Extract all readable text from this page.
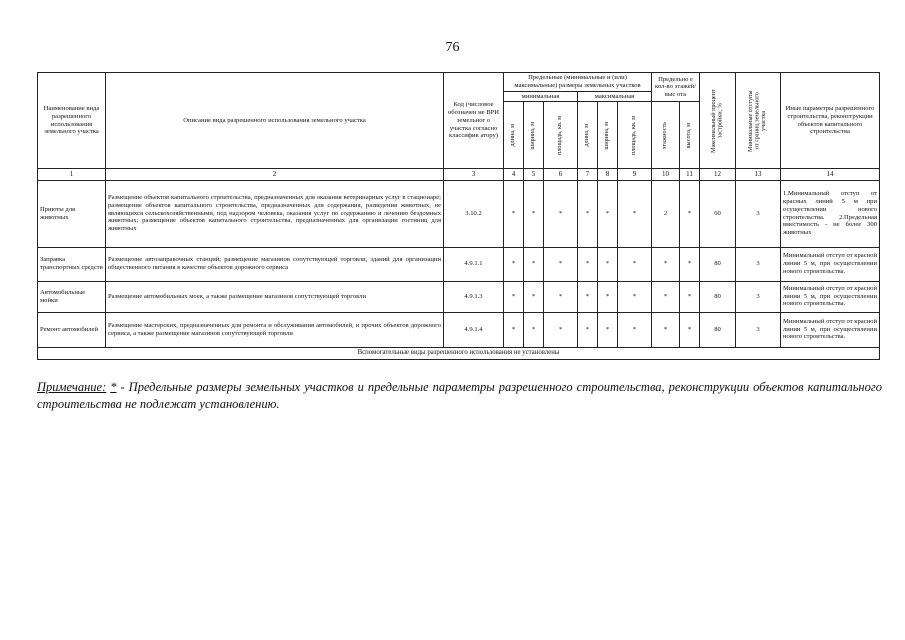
76
Наименование вида разрешенного использования земельного участка	Описание вида разрешенного использования земельного участка	Код (числовое обозначен ие ВРИ земельног о участка согласно классифик атору)	Предельные (минимальные и (или) максимальные) размеры земельных участков						Предельно е кол-во этажей/ выс ота		Максимальный процент застройки, %	Минимальные отступы от границ земельного участка	Иные параметры разрешенного строительства, реконструкции объектов капитального строительства
			минимальная			максимальная							

			длина, м	ширина, м	площадь, кв. м	длина, м	ширина, м	площадь, кв. м	этажность	высота, м			

1	2	3	4	5	6	7	8	9	10	11	12	13	14
Приюты для животных	Размещение объектов капитального строительства, предназначенных для оказания ветеринарных услуг в стационаре; размещение объектов капитального строительства, предназначенных для содержания, разведения животных, не являющихся сельскохозяйственными, под надзором человека, оказания услуг по содержанию и лечению бездомных животных; размещение объектов капитального строительства, предназначенных для организации гостиниц для животных	3.10.2	*	*	*	*	*	*	2	*	60	3	1.Минимальный отступ от красных линий 5 м при осуществлении нового строительства. 2.Предельная вместимость - не более 300 животных
Заправка транспортных средств	Размещение автозаправочных станций; размещение магазинов сопутствующей торговли, зданий для организации общественного питания в качестве объектов дорожного сервиса	4.9.1.1	*	*	*	*	*	*	*	*	80	3	Минимальный отступ от красной линии 5 м, при осуществлении нового строительства.
Автомобильные мойки	Размещение автомобильных моек, а также размещение магазинов сопутствующей торговли	4.9.1.3	*	*	*	*	*	*	*	*	80	3	Минимальный отступ от красной линии 5 м, при осуществлении нового строительства.
Ремонт автомобилей	Размещение мастерских, предназначенных для ремонта и обслуживания автомобилей, и прочих объектов дорожного сервиса, а также размещение магазинов сопутствующей торговли	4.9.1.4	*	*	*	*	*	*	*	*	80	3	Минимальный отступ от красной линии 5 м, при осуществлении нового строительства.
Вспомогательные виды разрешенного использования не установлены													
Примечание: * - Предельные размеры земельных участков и предельные параметры разрешенного строительства, реконструкции объектов капитального строительства не подлежат установлению.
